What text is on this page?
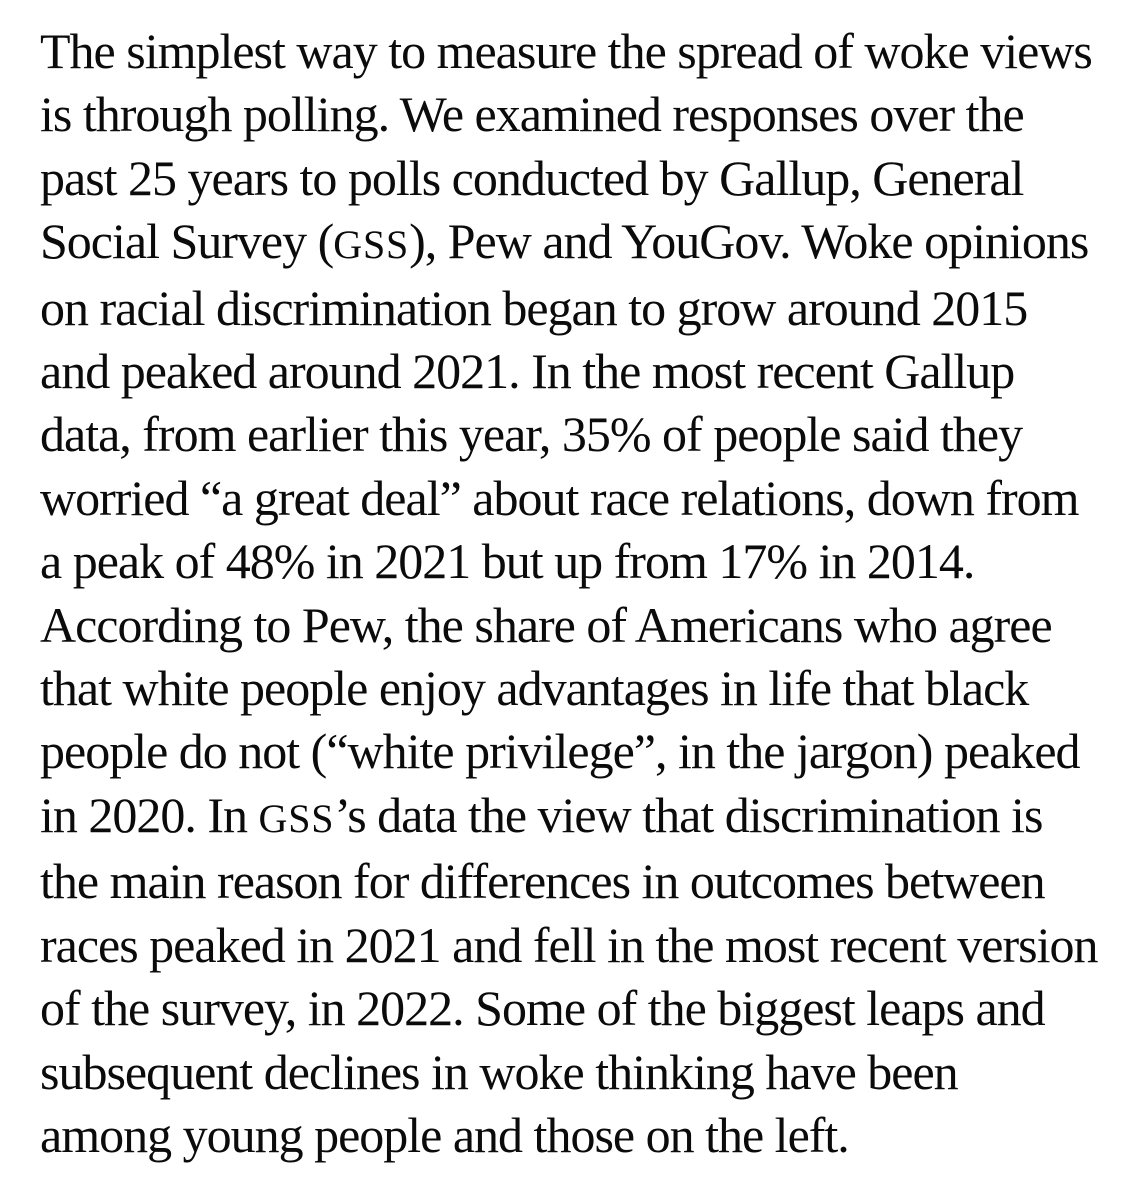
The simplest way to measure the spread of woke views
is through polling. We examined responses over the
past 25 years to polls conducted by Gallup, General
Social Survey (GSS), Pew and YouGov. Woke opinions
on racial discrimination began to grow around 2015
and peaked around 2021. In the most recent Gallup
data, from earlier this year, 35% of people said they
worried “a great deal” about race relations, down from
a peak of 48% in 2021 but up from 17% in 2014.
According to Pew, the share of Americans who agree
that white people enjoy advantages in life that black
people do not (“white privilege”, in the jargon) peaked
in 2020. In GSS’s data the view that discrimination is
the main reason for differences in outcomes between
races peaked in 2021 and fell in the most recent version
of the survey, in 2022. Some of the biggest leaps and
subsequent declines in woke thinking have been
among young people and those on the left.
